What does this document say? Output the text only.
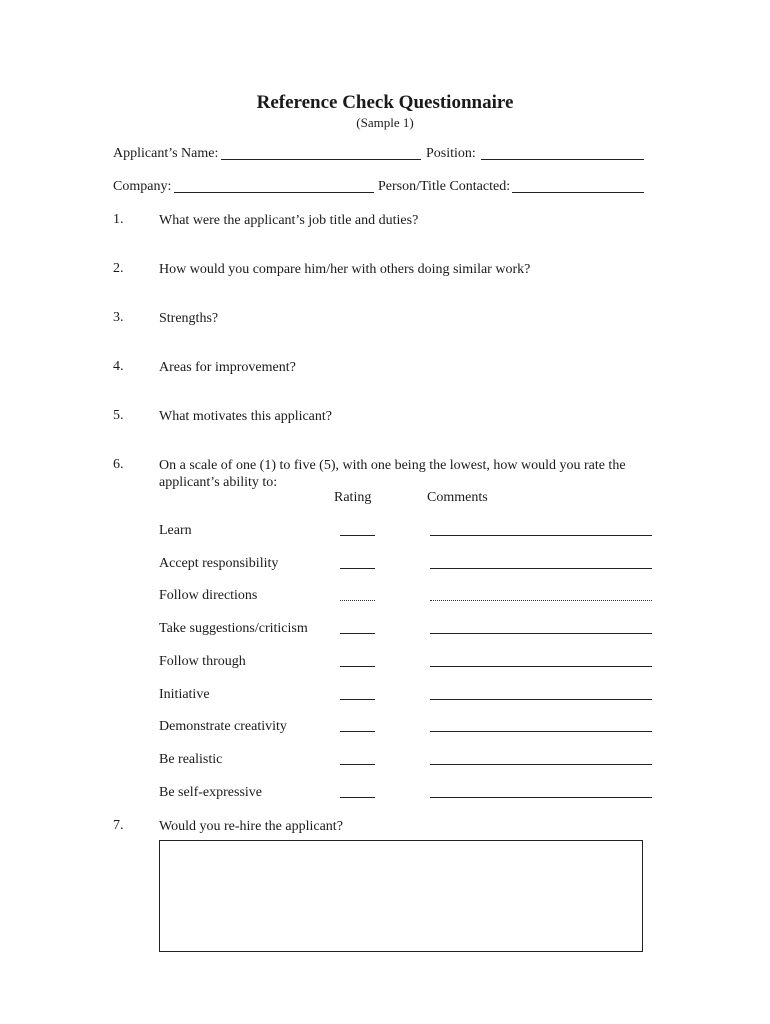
Reference Check Questionnaire
(Sample 1)
Applicant’s Name:	Position:
Company:	Person/Title Contacted:
1.	What were the applicant’s job title and duties?
2.	How would you compare him/her with others doing similar work?
3.	Strengths?
4.	Areas for improvement?
5.	What motivates this applicant?
6.	On a scale of one (1) to five (5), with one being the lowest, how would you rate the applicant’s ability to:
Rating	Comments
Learn
Accept responsibility
Follow directions
Take suggestions/criticism
Follow through
Initiative
Demonstrate creativity
Be realistic
Be self-expressive
7.	Would you re-hire the applicant?
